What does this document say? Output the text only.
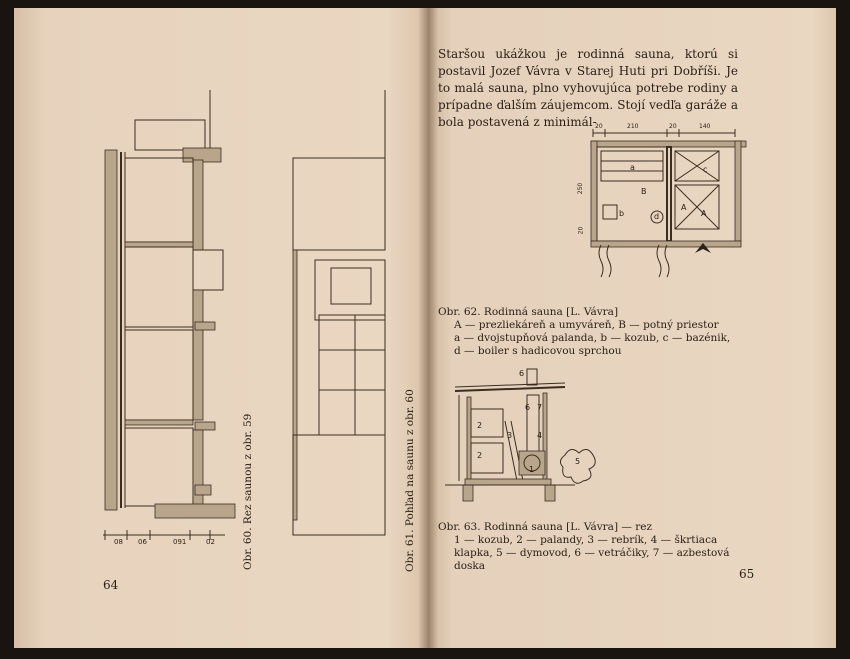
08 06	091	02	Obr. 60. Rez saunou z obr. 59	Obr. 61. Pohľad na saunu z obr. 60
64

Staršou ukážkou je rodinná sauna, ktorú si postavil Jozef Vávra v Starej Huti pri Dobříši. Je to malá sauna, plno vyhovujúca potrebe rodiny a prípadne ďalším záujemcom. Stojí vedľa garáže a bola postavená z minimál-

20	210	20	140
250
20
a
B
b
c
d
A
A
Obr. 62. Rodinná sauna [L. Vávra]
A — prezliekáreň a umyváreň, B — potný priestor
a — dvojstupňová palanda, b — kozub, c — bazénik,
d — boiler s hadicovou sprchou
6
6 7
2
3	4
2
1
5
Obr. 63. Rodinná sauna [L. Vávra] — rez
1 — kozub, 2 — palandy, 3 — rebrík, 4 — škrtiaca
klapka, 5 — dymovod, 6 — vetráčiky, 7 — azbestová
doska
65
